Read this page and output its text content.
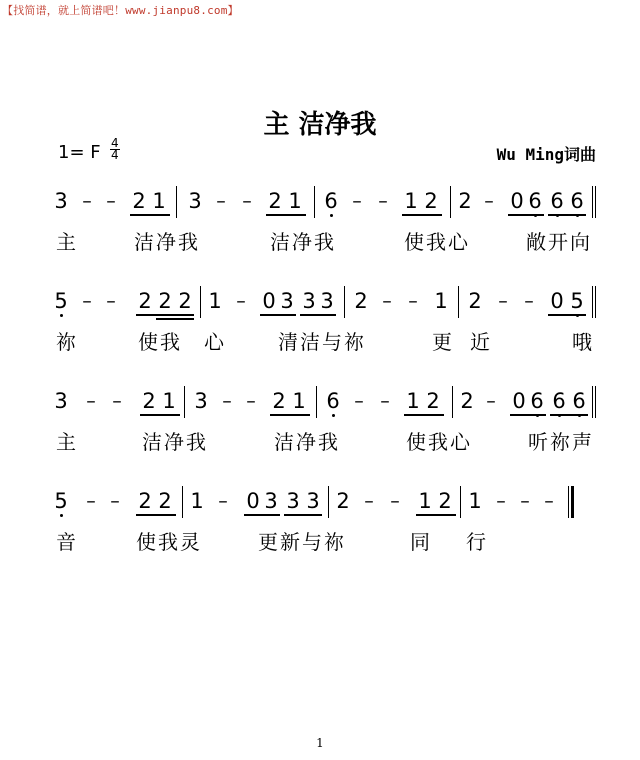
【找简谱，就上简谱吧！www.jianpu8.com】
主 洁净我
1= F $\frac{4}{4}$	Wu Ming词曲
3 – – 2 1 3 – – 2 1 6 – – 1 2 2 – 0 6 6 6
主	洁净我	洁净我	使我心	敞开向
5 – – 2 2 2 1 – 0 3 3 3 2 – – 1 2 – – 0 5
祢	使我 心	清洁与祢	更 近	哦
3 – – 2 1 3 – – 2 1 6 – – 1 2 2 – 0 6 6 6
主	洁净我	洁净我	使我心	听祢声
5 – – 2 2 1 – 0 3 3 3 2 – – 1 2 1 – – –
音	使我灵	更新与祢	同 行
1
